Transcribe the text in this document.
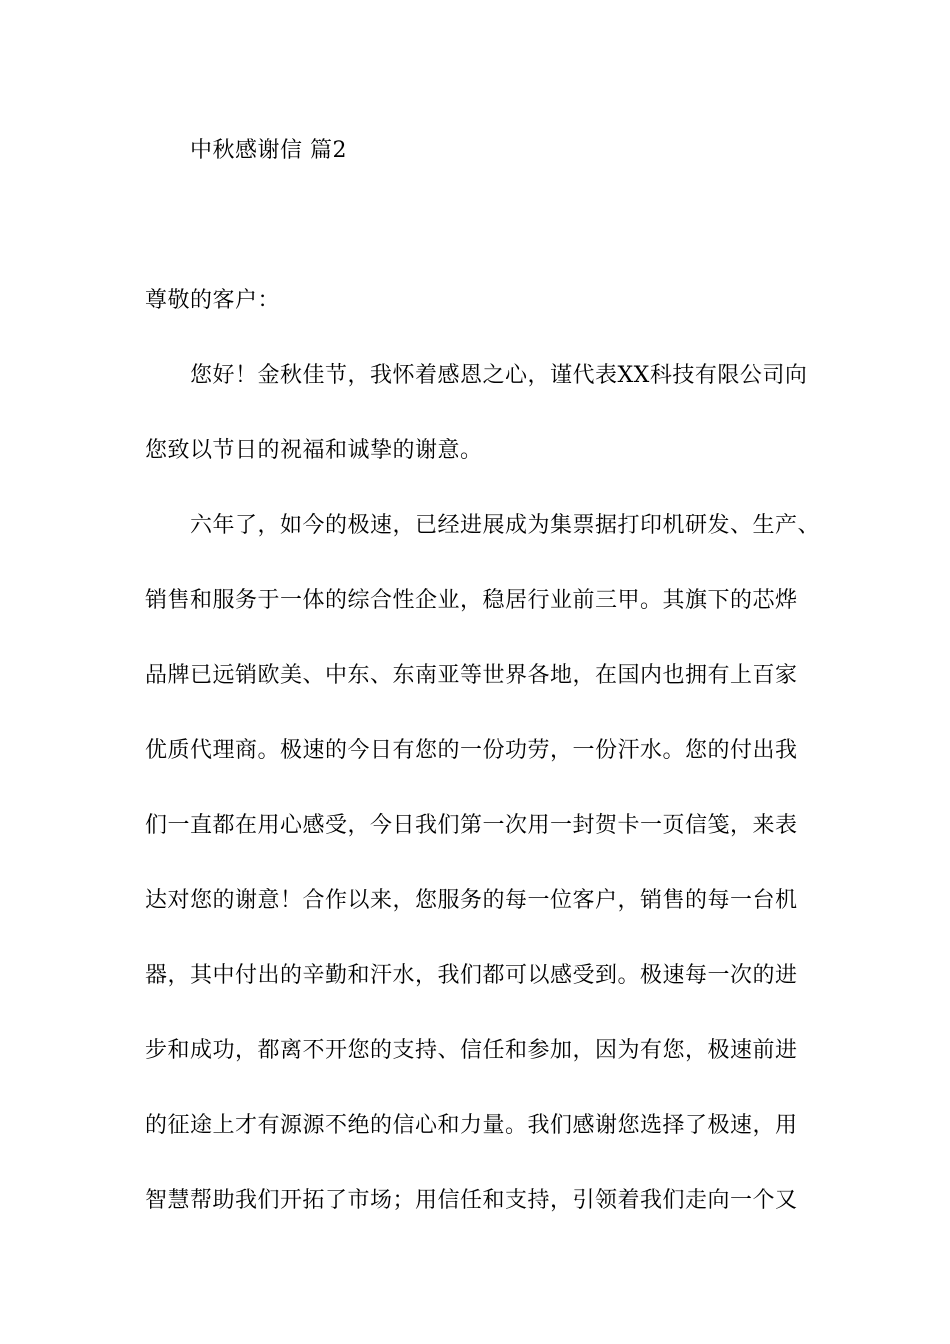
中秋感谢信 篇2
尊敬的客户：
您好！金秋佳节，我怀着感恩之心，谨代表XX科技有限公司向
您致以节日的祝福和诚挚的谢意。
六年了，如今的极速，已经进展成为集票据打印机研发、生产、
销售和服务于一体的综合性企业，稳居行业前三甲。其旗下的芯烨
品牌已远销欧美、中东、东南亚等世界各地，在国内也拥有上百家
优质代理商。极速的今日有您的一份功劳，一份汗水。您的付出我
们一直都在用心感受，今日我们第一次用一封贺卡一页信笺，来表
达对您的谢意！合作以来，您服务的每一位客户，销售的每一台机
器，其中付出的辛勤和汗水，我们都可以感受到。极速每一次的进
步和成功，都离不开您的支持、信任和参加，因为有您，极速前进
的征途上才有源源不绝的信心和力量。我们感谢您选择了极速，用
智慧帮助我们开拓了市场；用信任和支持，引领着我们走向一个又
